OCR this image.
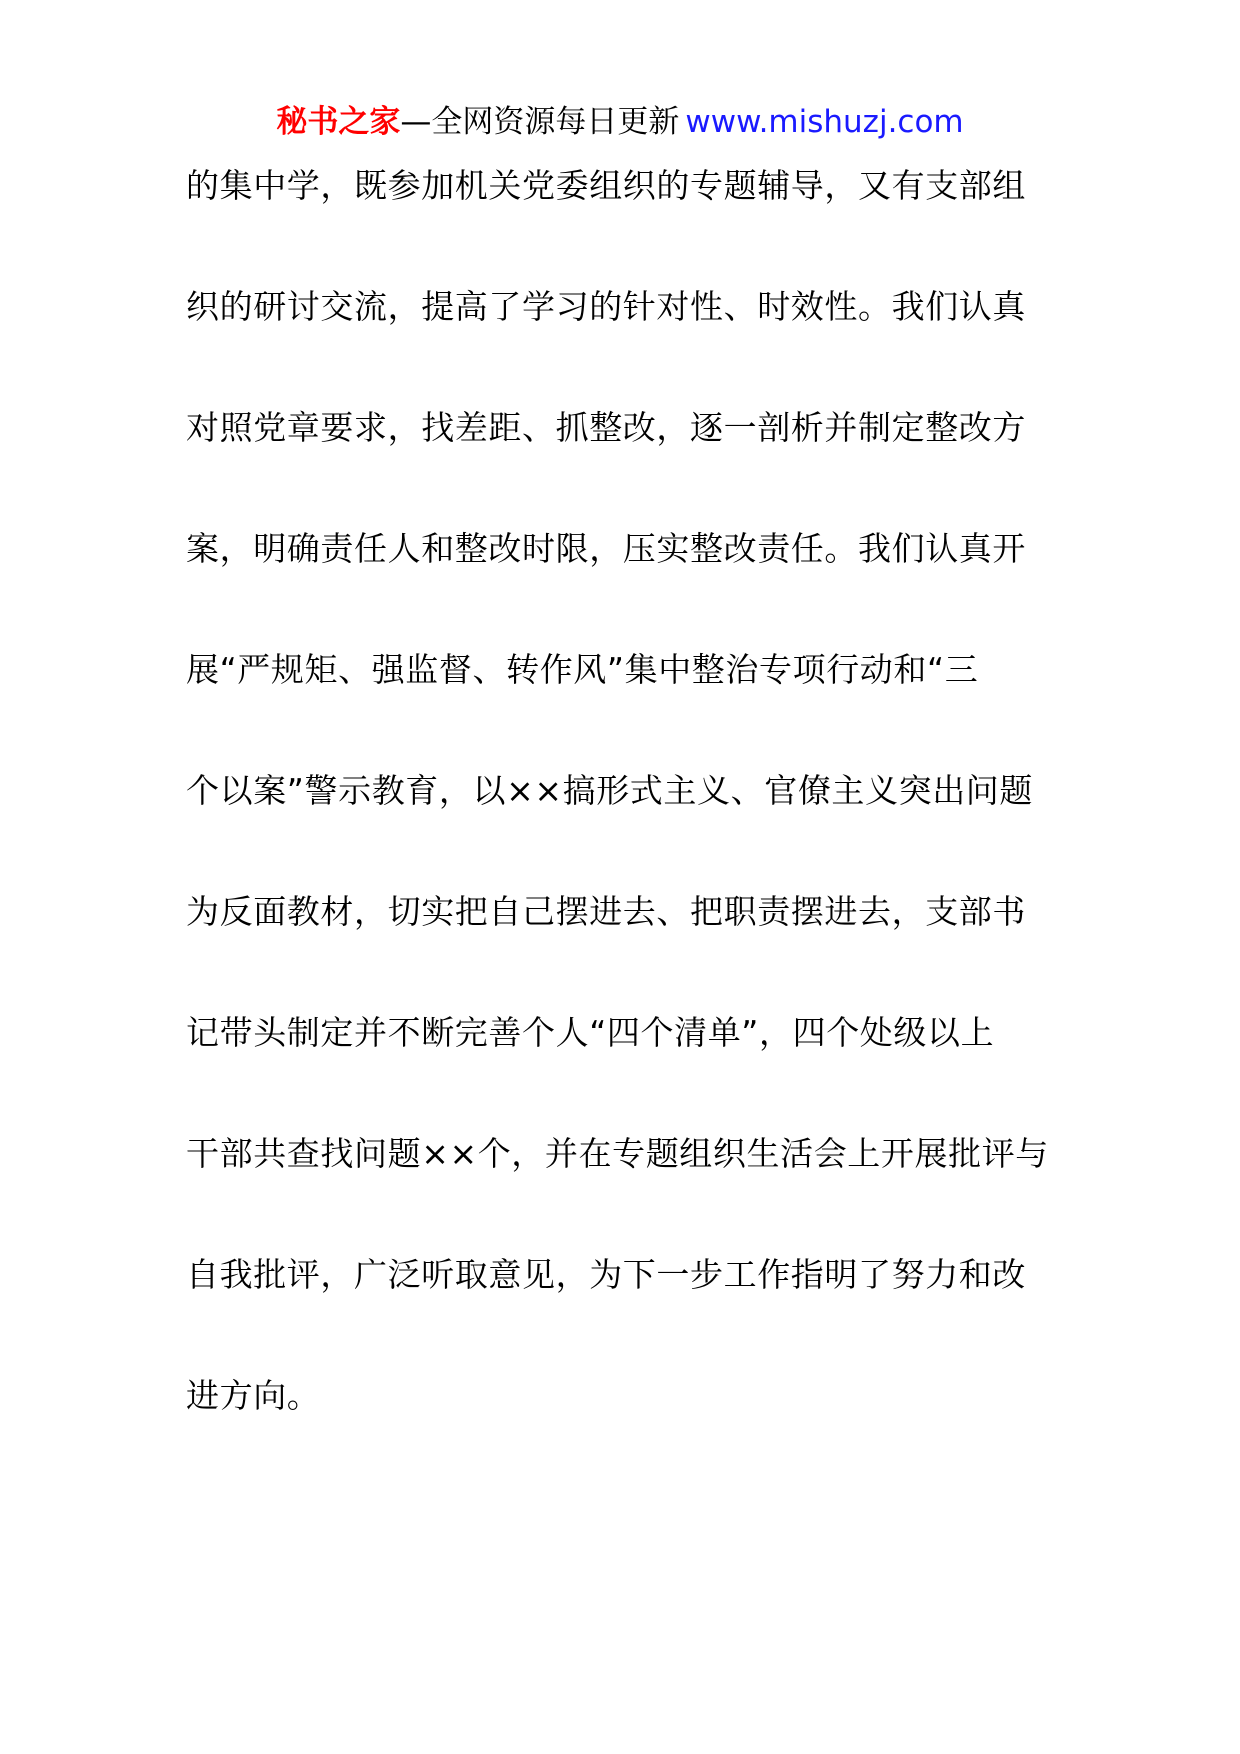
秘书之家—全网资源每日更新 www.mishuzj.com
的集中学，既参加机关党委组织的专题辅导，又有支部组
织的研讨交流，提高了学习的针对性、时效性。我们认真
对照党章要求，找差距、抓整改，逐一剖析并制定整改方
案，明确责任人和整改时限，压实整改责任。我们认真开
展“严规矩、强监督、转作风”集中整治专项行动和“三
个以案”警示教育，以××搞形式主义、官僚主义突出问题
为反面教材，切实把自己摆进去、把职责摆进去，支部书
记带头制定并不断完善个人“四个清单”，四个处级以上
干部共查找问题××个，并在专题组织生活会上开展批评与
自我批评，广泛听取意见，为下一步工作指明了努力和改
进方向。
